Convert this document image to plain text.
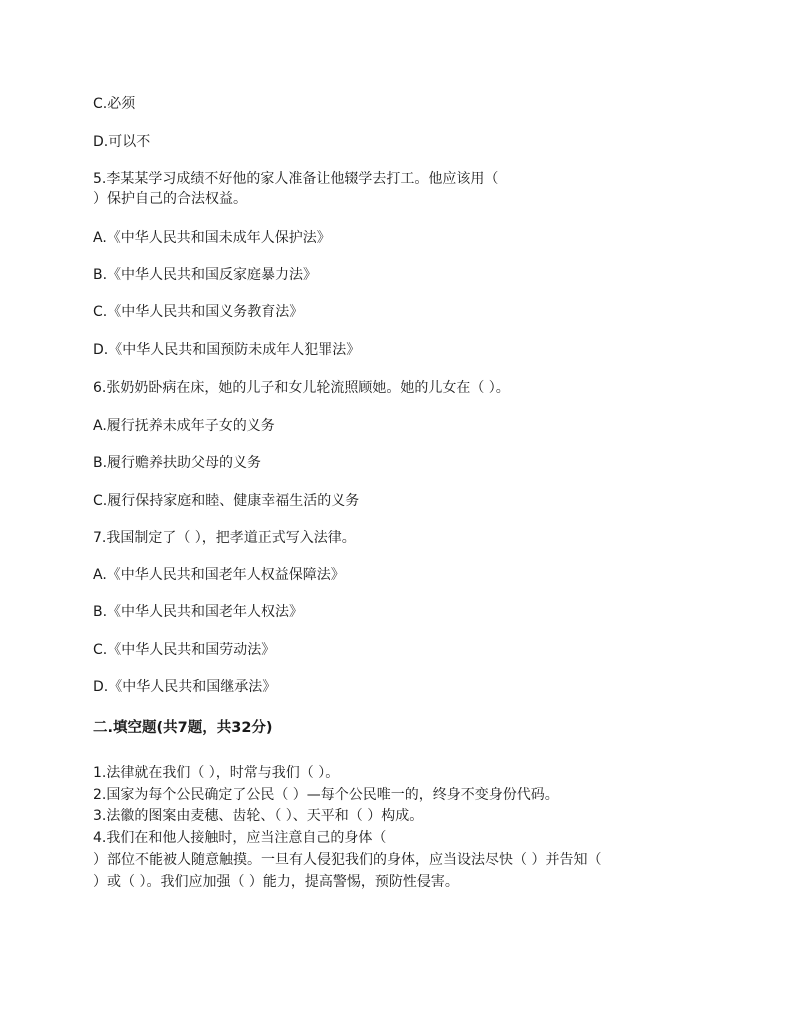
C.必须
D.可以不
5.李某某学习成绩不好他的家人准备让他辍学去打工。他应该用（
）保护自己的合法权益。
A.《中华人民共和国未成年人保护法》
B.《中华人民共和国反家庭暴力法》
C.《中华人民共和国义务教育法》
D.《中华人民共和国预防未成年人犯罪法》
6.张奶奶卧病在床，她的儿子和女儿轮流照顾她。她的儿女在（ ）。
A.履行抚养未成年子女的义务
B.履行赡养扶助父母的义务
C.履行保持家庭和睦、健康幸福生活的义务
7.我国制定了（ ），把孝道正式写入法律。
A.《中华人民共和国老年人权益保障法》
B.《中华人民共和国老年人权法》
C.《中华人民共和国劳动法》
D.《中华人民共和国继承法》
二.填空题(共7题，共32分)
1.法律就在我们（ ），时常与我们（ ）。
2.国家为每个公民确定了公民（ ）—每个公民唯一的，终身不变身份代码。
3.法徽的图案由麦穗、齿轮、（ ）、天平和（ ）构成。
4.我们在和他人接触时，应当注意自己的身体（
）部位不能被人随意触摸。一旦有人侵犯我们的身体，应当设法尽快（ ）并告知（
）或（ ）。我们应加强（ ）能力，提高警惕，预防性侵害。
